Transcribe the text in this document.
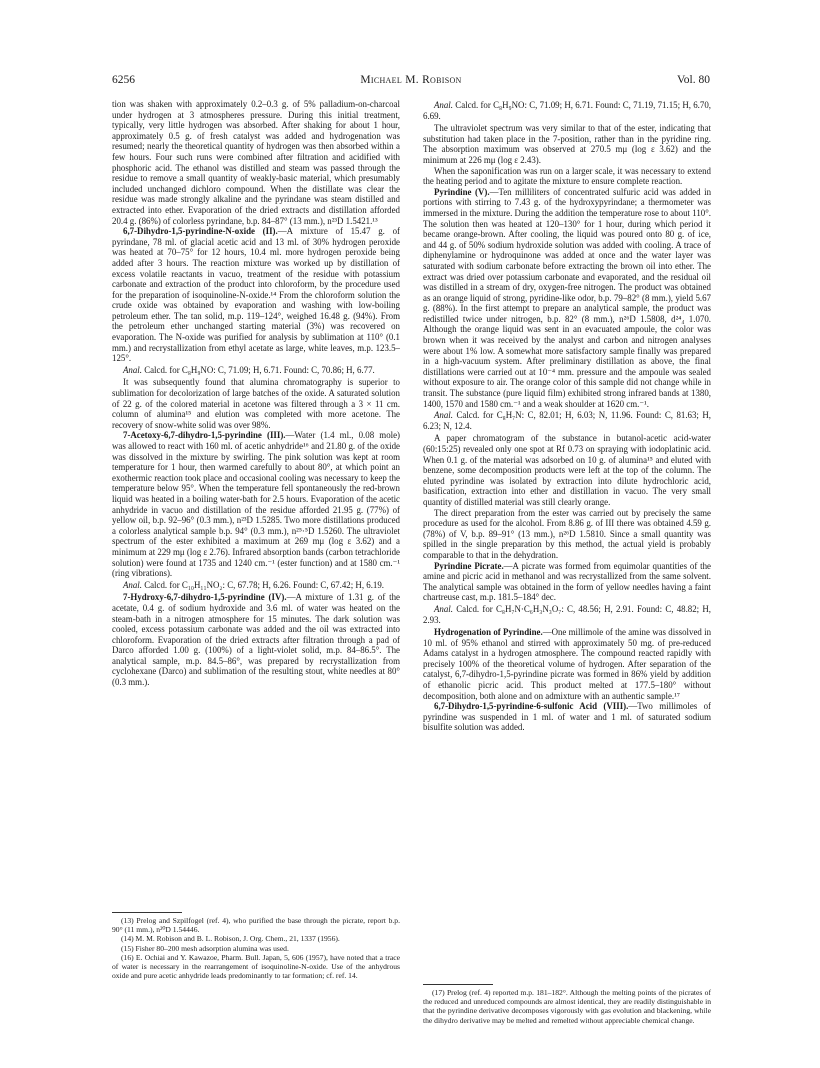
6256	Michael M. Robison	Vol. 80

tion was shaken with approximately 0.2–0.3 g. of 5% palladium-on-charcoal under hydrogen at 3 atmospheres pressure. During this initial treatment, typically, very little hydrogen was absorbed. After shaking for about 1 hour, approximately 0.5 g. of fresh catalyst was added and hydrogenation was resumed; nearly the theoretical quantity of hydrogen was then absorbed within a few hours. Four such runs were combined after filtration and acidified with phosphoric acid. The ethanol was distilled and steam was passed through the residue to remove a small quantity of weakly-basic material, which presumably included unchanged dichloro compound. When the distillate was clear the residue was made strongly alkaline and the pyrindane was steam distilled and extracted into ether. Evaporation of the dried extracts and distillation afforded 20.4 g. (86%) of colorless pyrindane, b.p. 84–87° (13 mm.), n²³D 1.5421.¹³

6,7-Dihydro-1,5-pyrindine-N-oxide (II).—A mixture of 15.47 g. of pyrindane, 78 ml. of glacial acetic acid and 13 ml. of 30% hydrogen peroxide was heated at 70–75° for 12 hours, 10.4 ml. more hydrogen peroxide being added after 3 hours. The reaction mixture was worked up by distillation of excess volatile reactants in vacuo, treatment of the residue with potassium carbonate and extraction of the product into chloroform, by the procedure used for the preparation of isoquinoline-N-oxide.¹⁴ From the chloroform solution the crude oxide was obtained by evaporation and washing with low-boiling petroleum ether. The tan solid, m.p. 119–124°, weighed 16.48 g. (94%). From the petroleum ether unchanged starting material (3%) was recovered on evaporation. The N-oxide was purified for analysis by sublimation at 110° (0.1 mm.) and recrystallization from ethyl acetate as large, white leaves, m.p. 123.5–125°.

Anal. Calcd. for C₈H₉NO: C, 71.09; H, 6.71. Found: C, 70.86; H, 6.77.

It was subsequently found that alumina chromatography is superior to sublimation for decolorization of large batches of the oxide. A saturated solution of 22 g. of the colored material in acetone was filtered through a 3 × 11 cm. column of alumina¹⁵ and elution was completed with more acetone. The recovery of snow-white solid was over 98%.

7-Acetoxy-6,7-dihydro-1,5-pyrindine (III).—Water (1.4 ml., 0.08 mole) was allowed to react with 160 ml. of acetic anhydride¹⁶ and 21.80 g. of the oxide was dissolved in the mixture by swirling. The pink solution was kept at room temperature for 1 hour, then warmed carefully to about 80°, at which point an exothermic reaction took place and occasional cooling was necessary to keep the temperature below 95°. When the temperature fell spontaneously the red-brown liquid was heated in a boiling water-bath for 2.5 hours. Evaporation of the acetic anhydride in vacuo and distillation of the residue afforded 21.95 g. (77%) of yellow oil, b.p. 92–96° (0.3 mm.), n²³D 1.5285. Two more distillations produced a colorless analytical sample b.p. 94° (0.3 mm.), n²⁵·⁵D 1.5260. The ultraviolet spectrum of the ester exhibited a maximum at 269 mμ (log ε 3.62) and a minimum at 229 mμ (log ε 2.76). Infrared absorption bands (carbon tetrachloride solution) were found at 1735 and 1240 cm.⁻¹ (ester function) and at 1580 cm.⁻¹ (ring vibrations).

Anal. Calcd. for C₁₀H₁₁NO₂: C, 67.78; H, 6.26. Found: C, 67.42; H, 6.19.

7-Hydroxy-6,7-dihydro-1,5-pyrindine (IV).—A mixture of 1.31 g. of the acetate, 0.4 g. of sodium hydroxide and 3.6 ml. of water was heated on the steam-bath in a nitrogen atmosphere for 15 minutes. The dark solution was cooled, excess potassium carbonate was added and the oil was extracted into chloroform. Evaporation of the dried extracts after filtration through a pad of Darco afforded 1.00 g. (100%) of a light-violet solid, m.p. 84–86.5°. The analytical sample, m.p. 84.5–86°, was prepared by recrystallization from cyclohexane (Darco) and sublimation of the resulting stout, white needles at 80° (0.3 mm.).

Anal. Calcd. for C₈H₉NO: C, 71.09; H, 6.71. Found: C, 71.19, 71.15; H, 6.70, 6.69.

The ultraviolet spectrum was very similar to that of the ester, indicating that substitution had taken place in the 7-position, rather than in the pyridine ring. The absorption maximum was observed at 270.5 mμ (log ε 3.62) and the minimum at 226 mμ (log ε 2.43).

When the saponification was run on a larger scale, it was necessary to extend the heating period and to agitate the mixture to ensure complete reaction.

Pyrindine (V).—Ten milliliters of concentrated sulfuric acid was added in portions with stirring to 7.43 g. of the hydroxypyrindane; a thermometer was immersed in the mixture. During the addition the temperature rose to about 110°. The solution then was heated at 120–130° for 1 hour, during which period it became orange-brown. After cooling, the liquid was poured onto 80 g. of ice, and 44 g. of 50% sodium hydroxide solution was added with cooling. A trace of diphenylamine or hydroquinone was added at once and the water layer was saturated with sodium carbonate before extracting the brown oil into ether. The extract was dried over potassium carbonate and evaporated, and the residual oil was distilled in a stream of dry, oxygen-free nitrogen. The product was obtained as an orange liquid of strong, pyridine-like odor, b.p. 79–82° (8 mm.), yield 5.67 g. (88%). In the first attempt to prepare an analytical sample, the product was redistilled twice under nitrogen, b.p. 82° (8 mm.), n²⁶D 1.5808, d²⁴₄ 1.070. Although the orange liquid was sent in an evacuated ampoule, the color was brown when it was received by the analyst and carbon and nitrogen analyses were about 1% low. A somewhat more satisfactory sample finally was prepared in a high-vacuum system. After preliminary distillation as above, the final distillations were carried out at 10⁻⁴ mm. pressure and the ampoule was sealed without exposure to air. The orange color of this sample did not change while in transit. The substance (pure liquid film) exhibited strong infrared bands at 1380, 1400, 1570 and 1580 cm.⁻¹ and a weak shoulder at 1620 cm.⁻¹.

Anal. Calcd. for C₈H₇N: C, 82.01; H, 6.03; N, 11.96. Found: C, 81.63; H, 6.23; N, 12.4.

A paper chromatogram of the substance in butanol-acetic acid-water (60:15:25) revealed only one spot at Rf 0.73 on spraying with iodoplatinic acid. When 0.1 g. of the material was adsorbed on 10 g. of alumina¹⁵ and eluted with benzene, some decomposition products were left at the top of the column. The eluted pyrindine was isolated by extraction into dilute hydrochloric acid, basification, extraction into ether and distillation in vacuo. The very small quantity of distilled material was still clearly orange.

The direct preparation from the ester was carried out by precisely the same procedure as used for the alcohol. From 8.86 g. of III there was obtained 4.59 g. (78%) of V, b.p. 89–91° (13 mm.), n²⁶D 1.5810. Since a small quantity was spilled in the single preparation by this method, the actual yield is probably comparable to that in the dehydration.

Pyrindine Picrate.—A picrate was formed from equimolar quantities of the amine and picric acid in methanol and was recrystallized from the same solvent. The analytical sample was obtained in the form of yellow needles having a faint chartreuse cast, m.p. 181.5–184° dec.

Anal. Calcd. for C₈H₇N·C₆H₃N₃O₇: C, 48.56; H, 2.91. Found: C, 48.82; H, 2.93.

Hydrogenation of Pyrindine.—One millimole of the amine was dissolved in 10 ml. of 95% ethanol and stirred with approximately 50 mg. of pre-reduced Adams catalyst in a hydrogen atmosphere. The compound reacted rapidly with precisely 100% of the theoretical volume of hydrogen. After separation of the catalyst, 6,7-dihydro-1,5-pyrindine picrate was formed in 86% yield by addition of ethanolic picric acid. This product melted at 177.5–180° without decomposition, both alone and on admixture with an authentic sample.¹⁷

6,7-Dihydro-1,5-pyrindine-6-sulfonic Acid (VIII).—Two millimoles of pyrindine was suspended in 1 ml. of water and 1 ml. of saturated sodium bisulfite solution was added.

(13) Prelog and Szpilfogel (ref. 4), who purified the base through the picrate, report b.p. 90° (11 mm.), n²⁰D 1.54446.

(14) M. M. Robison and B. L. Robison, J. Org. Chem., 21, 1337 (1956).

(15) Fisher 80–200 mesh adsorption alumina was used.

(16) E. Ochiai and Y. Kawazoe, Pharm. Bull. Japan, 5, 606 (1957), have noted that a trace of water is necessary in the rearrangement of isoquinoline-N-oxide. Use of the anhydrous oxide and pure acetic anhydride leads predominantly to tar formation; cf. ref. 14.

(17) Prelog (ref. 4) reported m.p. 181–182°. Although the melting points of the picrates of the reduced and unreduced compounds are almost identical, they are readily distinguishable in that the pyrindine derivative decomposes vigorously with gas evolution and blackening, while the dihydro derivative may be melted and remelted without appreciable chemical change.
